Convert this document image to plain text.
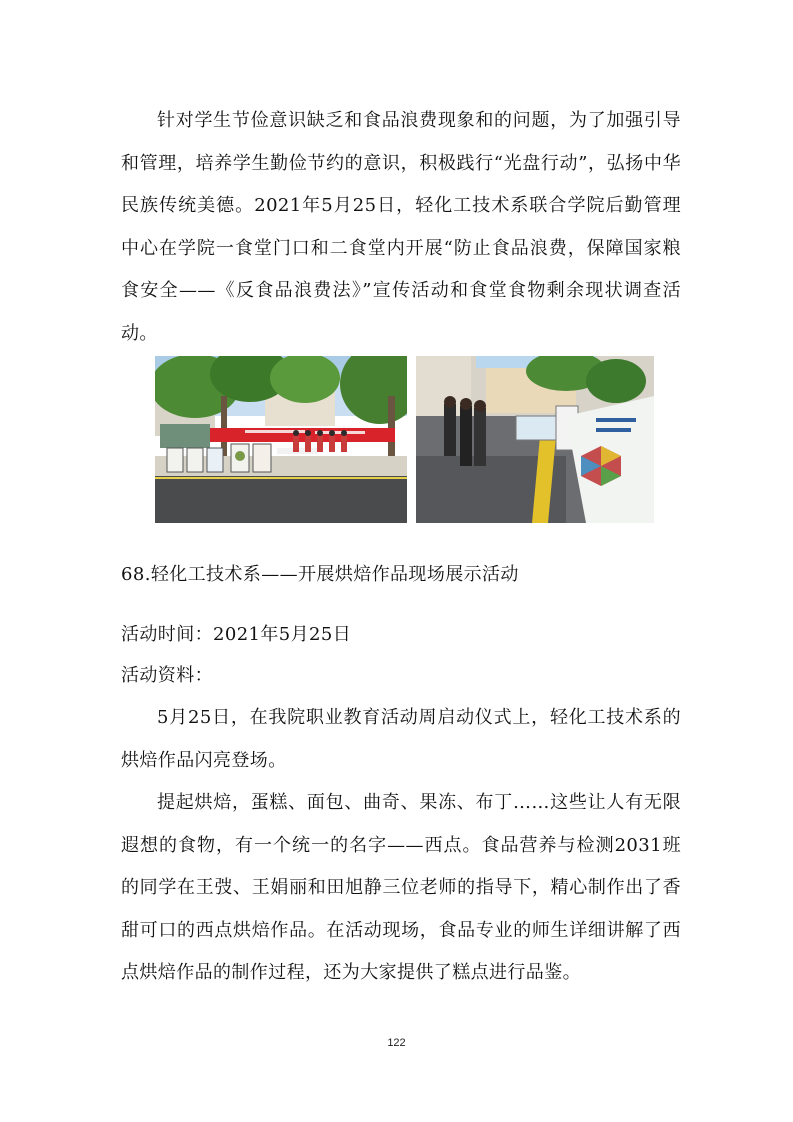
针对学生节俭意识缺乏和食品浪费现象和的问题，为了加强引导和管理，培养学生勤俭节约的意识，积极践行“光盘行动”，弘扬中华民族传统美德。2021年5月25日，轻化工技术系联合学院后勤管理中心在学院一食堂门口和二食堂内开展“防止食品浪费，保障国家粮食安全——《反食品浪费法》”宣传活动和食堂食物剩余现状调查活动。

68.轻化工技术系——开展烘焙作品现场展示活动

活动时间：2021年5月25日

活动资料：

5月25日，在我院职业教育活动周启动仪式上，轻化工技术系的烘焙作品闪亮登场。

提起烘焙，蛋糕、面包、曲奇、果冻、布丁……这些让人有无限遐想的食物，有一个统一的名字——西点。食品营养与检测2031班的同学在王弢、王娟丽和田旭静三位老师的指导下，精心制作出了香甜可口的西点烘焙作品。在活动现场，食品专业的师生详细讲解了西点烘焙作品的制作过程，还为大家提供了糕点进行品鉴。

122
